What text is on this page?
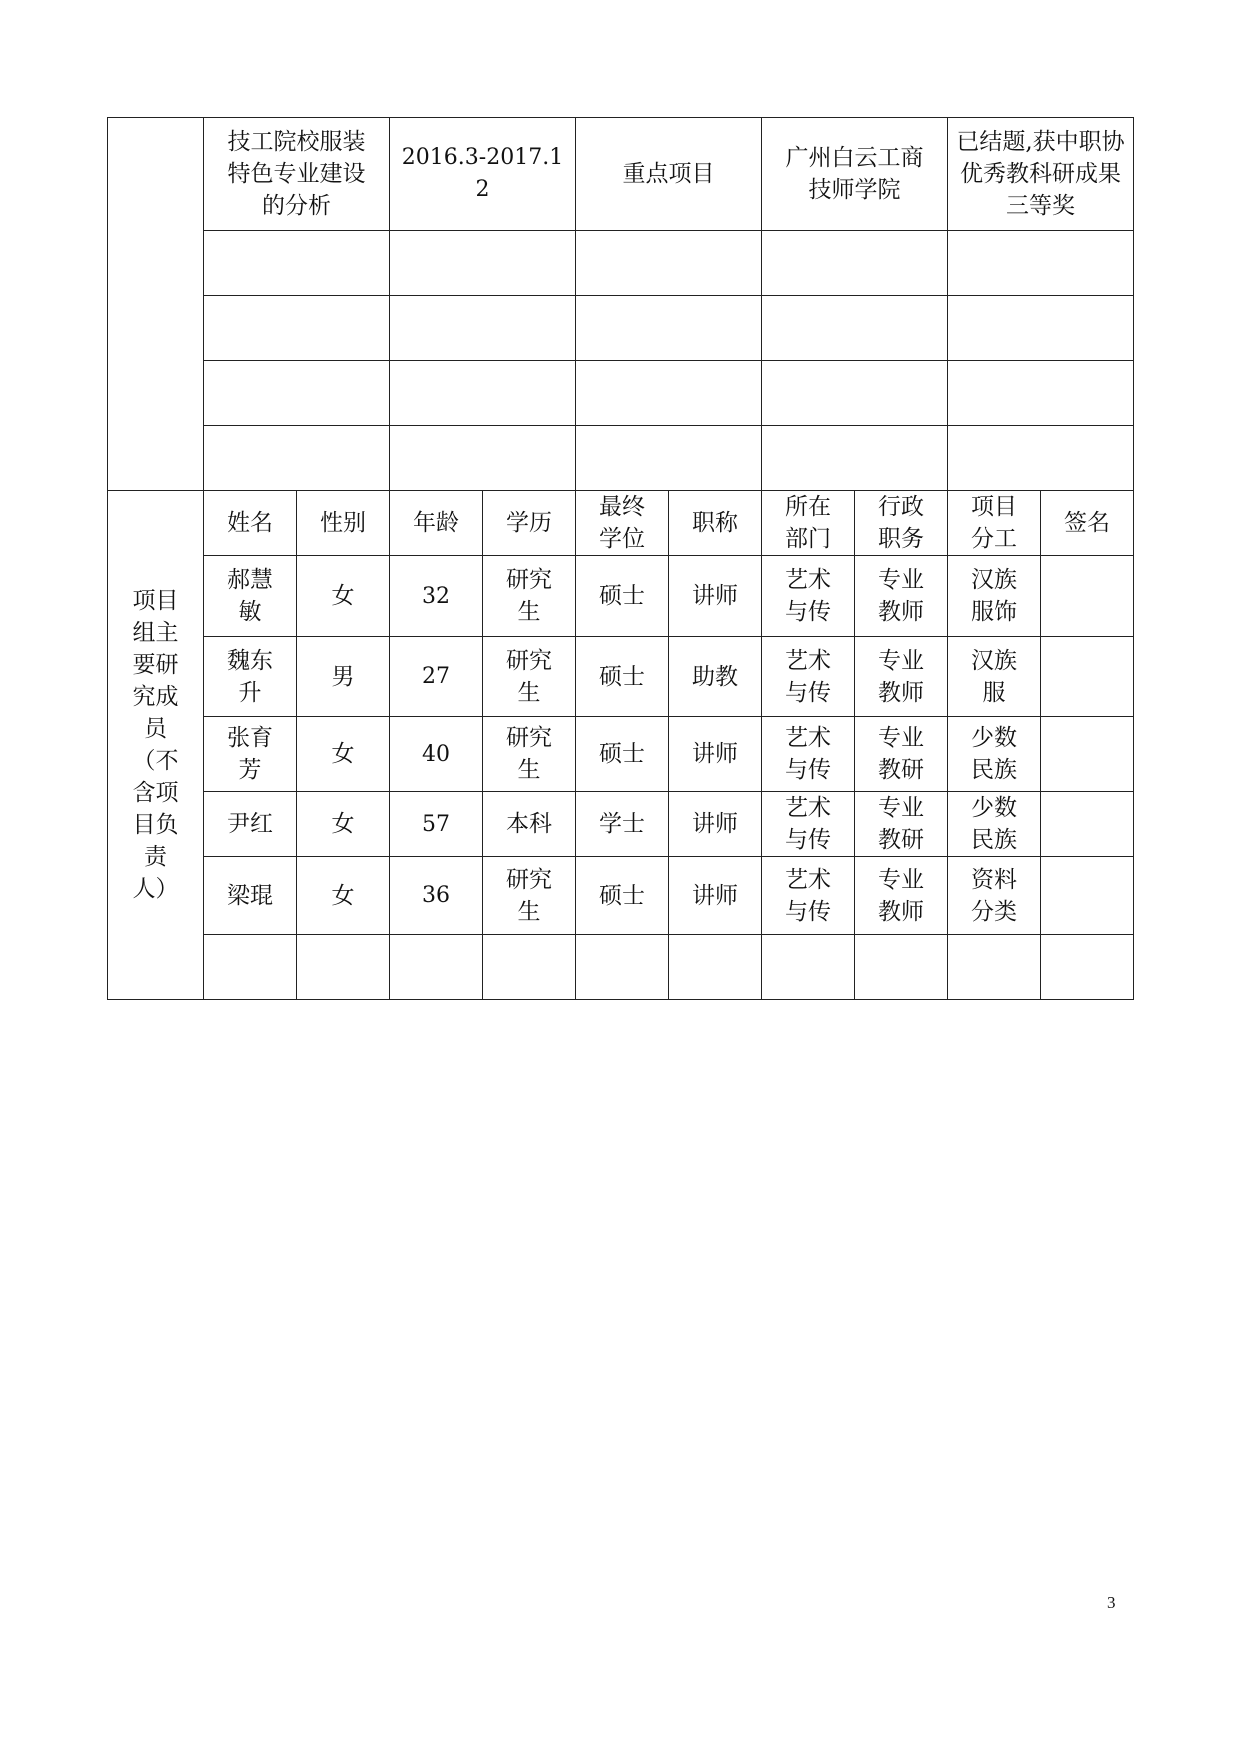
	技工院校服装特色专业建设的分析		2016.3-2017.12		重点项目		广州白云工商技师学院		已结题,获中职协优秀教科研成果三等奖	

项目组主要研究成员（不含项目负责人）	姓名	性别	年龄	学历	最终学位	职称	所在部门	行政职务	项目分工	签名

	郝慧敏	女	32	研究生	硕士	讲师	艺术与传	专业教师	汉族服饰	

	魏东升	男	27	研究生	硕士	助教	艺术与传	专业教师	汉族服	

	张育芳	女	40	研究生	硕士	讲师	艺术与传	专业教研	少数民族	

	尹红	女	57	本科	学士	讲师	艺术与传	专业教研	少数民族	

	梁琨	女	36	研究生	硕士	讲师	艺术与传	专业教师	资料分类	

3
